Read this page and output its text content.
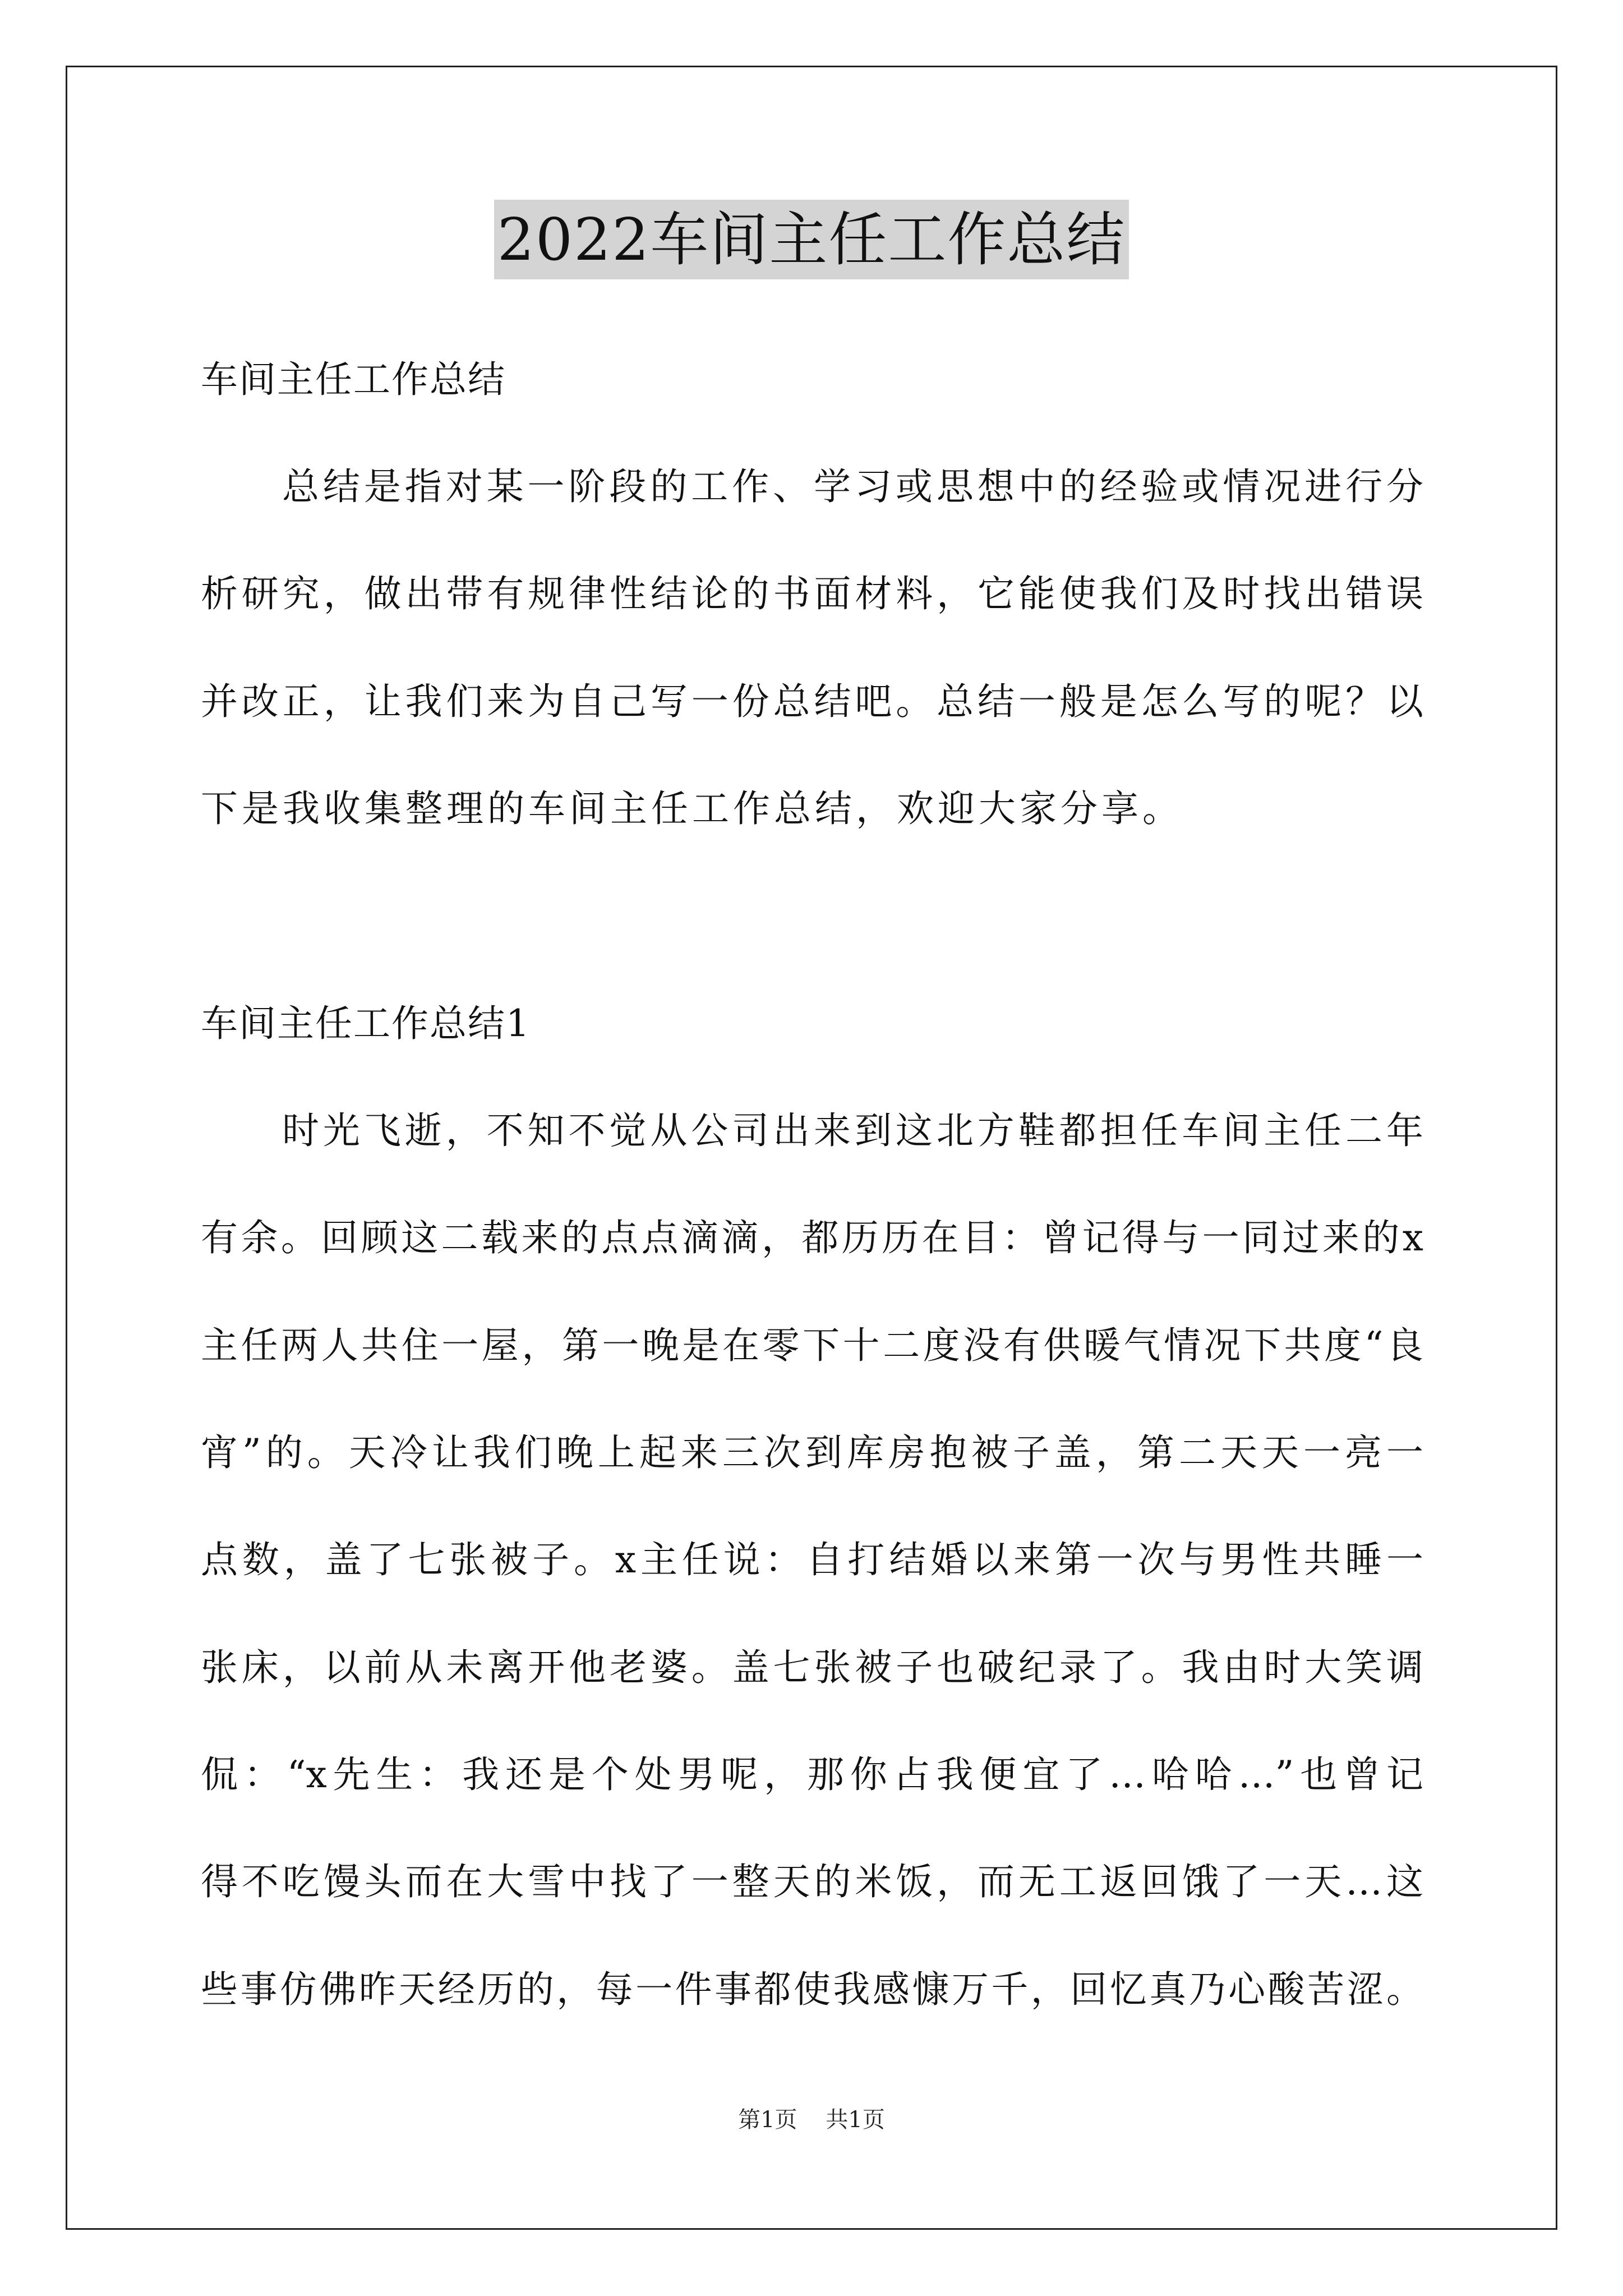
2022车间主任工作总结
车间主任工作总结
总结是指对某一阶段的工作、学习或思想中的经验或情况进行分
析研究，做出带有规律性结论的书面材料，它能使我们及时找出错误
并改正，让我们来为自己写一份总结吧。总结一般是怎么写的呢？以
下是我收集整理的车间主任工作总结，欢迎大家分享。
车间主任工作总结1
时光飞逝，不知不觉从公司出来到这北方鞋都担任车间主任二年
有余。回顾这二载来的点点滴滴，都历历在目：曾记得与一同过来的x
主任两人共住一屋，第一晚是在零下十二度没有供暖气情况下共度“良
宵”的。天冷让我们晚上起来三次到库房抱被子盖，第二天天一亮一
点数，盖了七张被子。x主任说：自打结婚以来第一次与男性共睡一
张床，以前从未离开他老婆。盖七张被子也破纪录了。我由时大笑调
侃：“x先生：我还是个处男呢，那你占我便宜了…哈哈…”也曾记
得不吃馒头而在大雪中找了一整天的米饭，而无工返回饿了一天…这
些事仿佛昨天经历的，每一件事都使我感慷万千，回忆真乃心酸苦涩。
第1页 共1页
